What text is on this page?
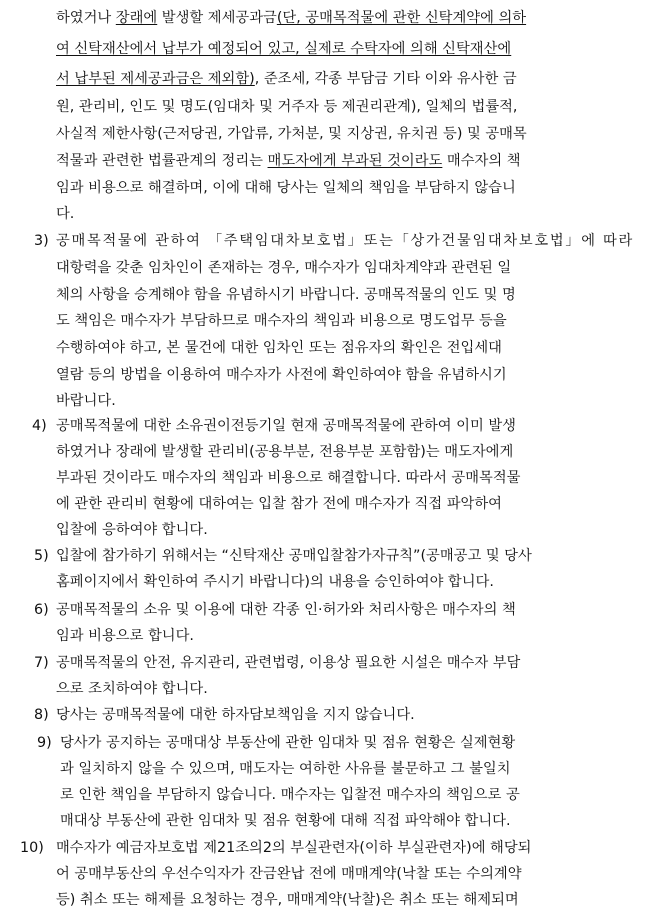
하였거나 장래에 발생할 제세공과금(단, 공매목적물에 관한 신탁계약에 의하
여 신탁재산에서 납부가 예정되어 있고, 실제로 수탁자에 의해 신탁재산에
서 납부된 제세공과금은 제외함), 준조세, 각종 부담금 기타 이와 유사한 금
원, 관리비, 인도 및 명도(임대차 및 거주자 등 제권리관계), 일체의 법률적,
사실적 제한사항(근저당권, 가압류, 가처분, 및 지상권, 유치권 등) 및 공매목
적물과 관련한 법률관계의 정리는 매도자에게 부과된 것이라도 매수자의 책
임과 비용으로 해결하며, 이에 대해 당사는 일체의 책임을 부담하지 않습니
다.
3) 공매목적물에 관하여 「주택임대차보호법」또는「상가건물임대차보호법」에 따라
대항력을 갖춘 임차인이 존재하는 경우, 매수자가 임대차계약과 관련된 일
체의 사항을 승계해야 함을 유념하시기 바랍니다. 공매목적물의 인도 및 명
도 책임은 매수자가 부담하므로 매수자의 책임과 비용으로 명도업무 등을
수행하여야 하고, 본 물건에 대한 임차인 또는 점유자의 확인은 전입세대
열람 등의 방법을 이용하여 매수자가 사전에 확인하여야 함을 유념하시기
바랍니다.
4) 공매목적물에 대한 소유권이전등기일 현재 공매목적물에 관하여 이미 발생
하였거나 장래에 발생할 관리비(공용부분, 전용부분 포함함)는 매도자에게
부과된 것이라도 매수자의 책임과 비용으로 해결합니다. 따라서 공매목적물
에 관한 관리비 현황에 대하여는 입찰 참가 전에 매수자가 직접 파악하여
입찰에 응하여야 합니다.
5) 입찰에 참가하기 위해서는 “신탁재산 공매입찰참가자규칙”(공매공고 및 당사
홈페이지에서 확인하여 주시기 바랍니다)의 내용을 승인하여야 합니다.
6) 공매목적물의 소유 및 이용에 대한 각종 인·허가와 처리사항은 매수자의 책
임과 비용으로 합니다.
7) 공매목적물의 안전, 유지관리, 관련법령, 이용상 필요한 시설은 매수자 부담
으로 조치하여야 합니다.
8) 당사는 공매목적물에 대한 하자담보책임을 지지 않습니다.
9) 당사가 공지하는 공매대상 부동산에 관한 임대차 및 점유 현황은 실제현황
과 일치하지 않을 수 있으며, 매도자는 여하한 사유를 불문하고 그 불일치
로 인한 책임을 부담하지 않습니다. 매수자는 입찰전 매수자의 책임으로 공
매대상 부동산에 관한 임대차 및 점유 현황에 대해 직접 파악해야 합니다.
10) 매수자가 예금자보호법 제21조의2의 부실관련자(이하 부실관련자)에 해당되
어 공매부동산의 우선수익자가 잔금완납 전에 매매계약(낙찰 또는 수의계약
등) 취소 또는 해제를 요청하는 경우, 매매계약(낙찰)은 취소 또는 해제되며
